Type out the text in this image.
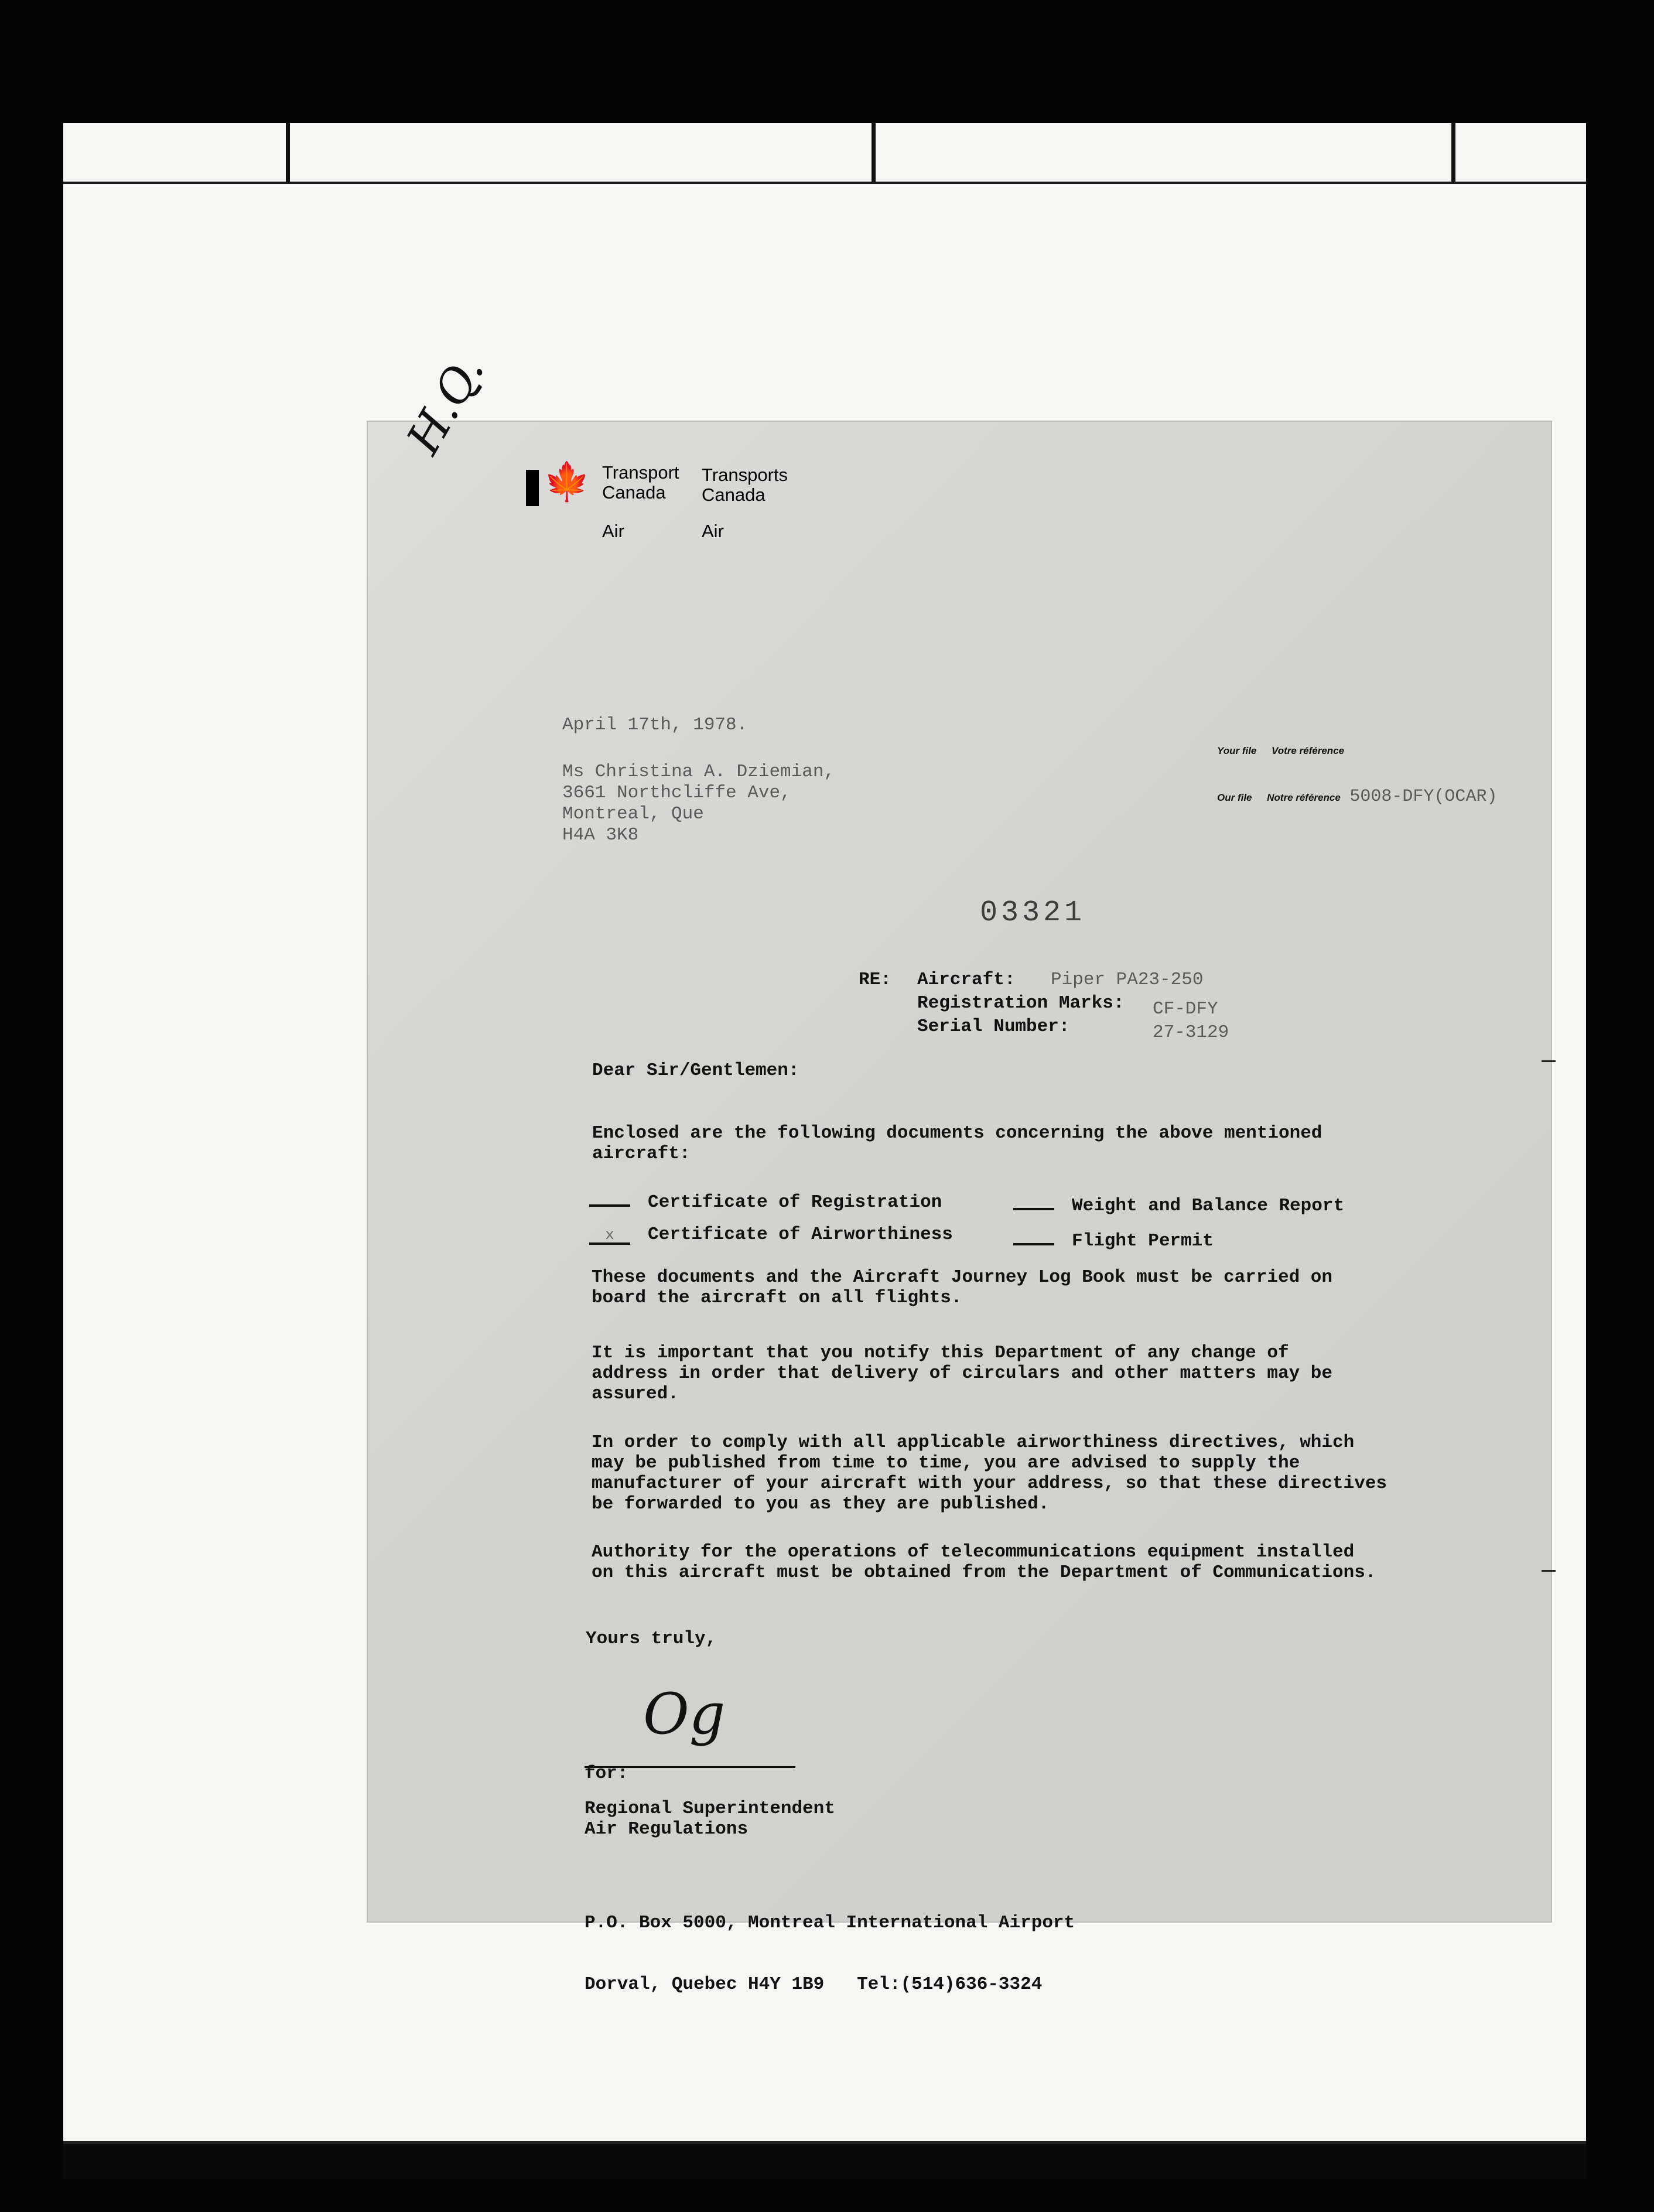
H.Q.
🍁 Transport
Canada
Transports
Canada
Air	Air
April 17th, 1978.
Ms Christina A. Dziemian,
3661 Northcliffe Ave,
Montreal, Que
H4A 3K8
Your file Votre référence
Our file Notre référence 5008-DFY(OCAR)
03321
RE: Aircraft: Piper PA23-250
Registration Marks: CF-DFY
Serial Number:	27-3129
Dear Sir/Gentlemen:
Enclosed are the following documents concerning the above mentioned
aircraft:
Certificate of Registration	Weight and Balance Report
x Certificate of Airworthiness	Flight Permit
These documents and the Aircraft Journey Log Book must be carried on
board the aircraft on all flights.
It is important that you notify this Department of any change of
address in order that delivery of circulars and other matters may be
assured.
In order to comply with all applicable airworthiness directives, which
may be published from time to time, you are advised to supply the
manufacturer of your aircraft with your address, so that these directives
be forwarded to you as they are published.
Authority for the operations of telecommunications equipment installed
on this aircraft must be obtained from the Department of Communications.
Yours truly,
Og
for:
Regional Superintendent
Air Regulations

P.O. Box 5000, Montreal International Airport

Dorval, Quebec H4Y 1B9   Tel:(514)636-3324
